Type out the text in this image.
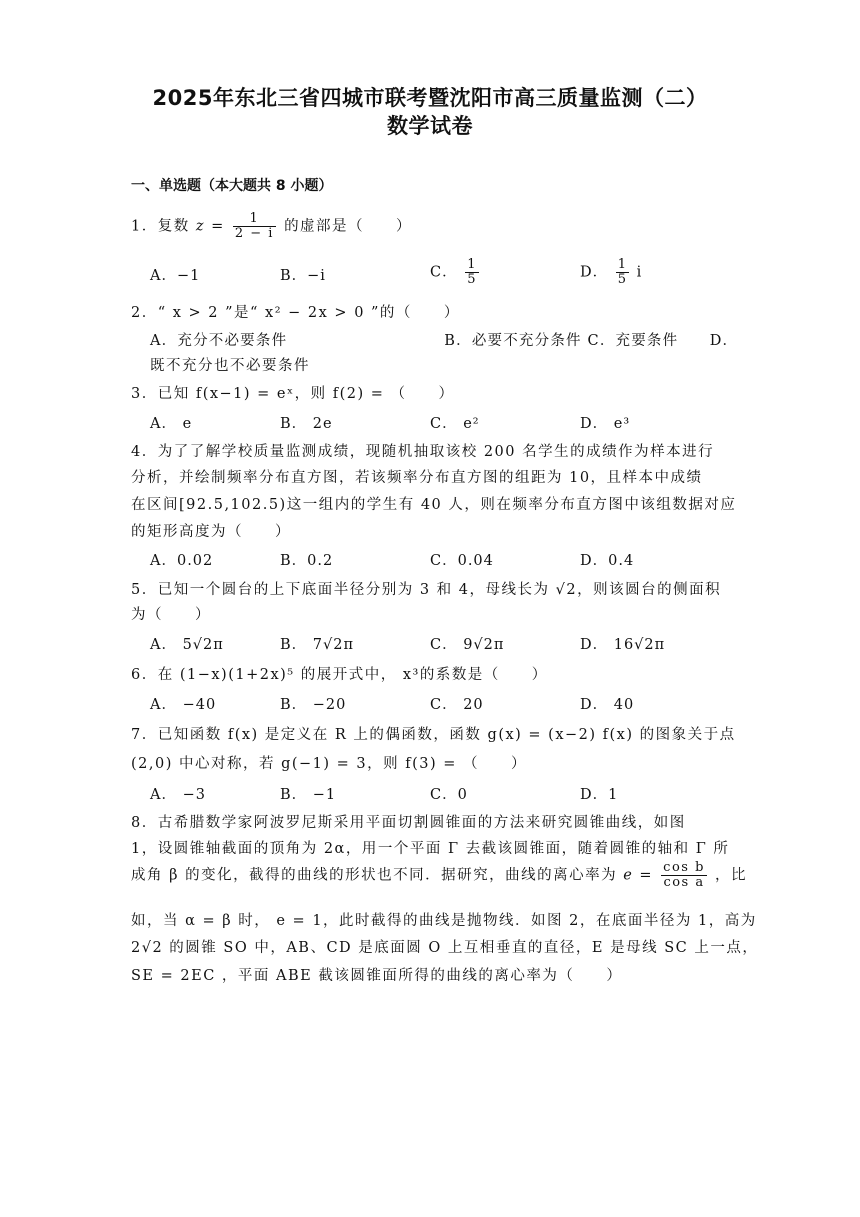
2025年东北三省四城市联考暨沈阳市高三质量监测（二）
数学试卷
一、单选题（本大题共 8 小题）
1．复数 $z = \frac{1}{2 - i}$ 的虚部是（　　）
A．−1	B．−i	C． $\frac{1}{5}$	D． $\frac{1}{5}$ i
2．“ x > 2 ”是“ x² − 2x > 0 ”的（　　）
A．充分不必要条件　　　　　　　　　　B．必要不充分条件 C．充要条件　　D．
既不充分也不必要条件
3．已知 f(x−1) = eˣ，则 f(2) = （　　）
A． e	B． 2e	C． e²	D． e³
4．为了了解学校质量监测成绩，现随机抽取该校 200 名学生的成绩作为样本进行
分析，并绘制频率分布直方图，若该频率分布直方图的组距为 10，且样本中成绩
在区间[92.5,102.5)这一组内的学生有 40 人，则在频率分布直方图中该组数据对应
的矩形高度为（　　）
A．0.02	B．0.2	C．0.04	D．0.4
5．已知一个圆台的上下底面半径分别为 3 和 4，母线长为 √2，则该圆台的侧面积
为（　　）
A． 5√2π	B． 7√2π	C． 9√2π	D． 16√2π
6．在 (1−x)(1+2x)⁵ 的展开式中， x³的系数是（　　）
A． −40	B． −20	C． 20	D． 40
7．已知函数 f(x) 是定义在 R 上的偶函数，函数 g(x) = (x−2) f(x) 的图象关于点
(2,0) 中心对称，若 g(−1) = 3，则 f(3) = （　　）
A． −3	B． −1	C．0	D．1
8．古希腊数学家阿波罗尼斯采用平面切割圆锥面的方法来研究圆锥曲线，如图
1，设圆锥轴截面的顶角为 2α，用一个平面 Γ 去截该圆锥面，随着圆锥的轴和 Γ 所
成角 β 的变化，截得的曲线的形状也不同．据研究，曲线的离心率为 $e = \frac{\text{cos b}}{\text{cos a}}$ ，比
如，当 α = β 时， e = 1，此时截得的曲线是抛物线．如图 2，在底面半径为 1，高为
2√2 的圆锥 SO 中，AB、CD 是底面圆 O 上互相垂直的直径，E 是母线 SC 上一点，
SE = 2EC ，平面 ABE 截该圆锥面所得的曲线的离心率为（　　）
